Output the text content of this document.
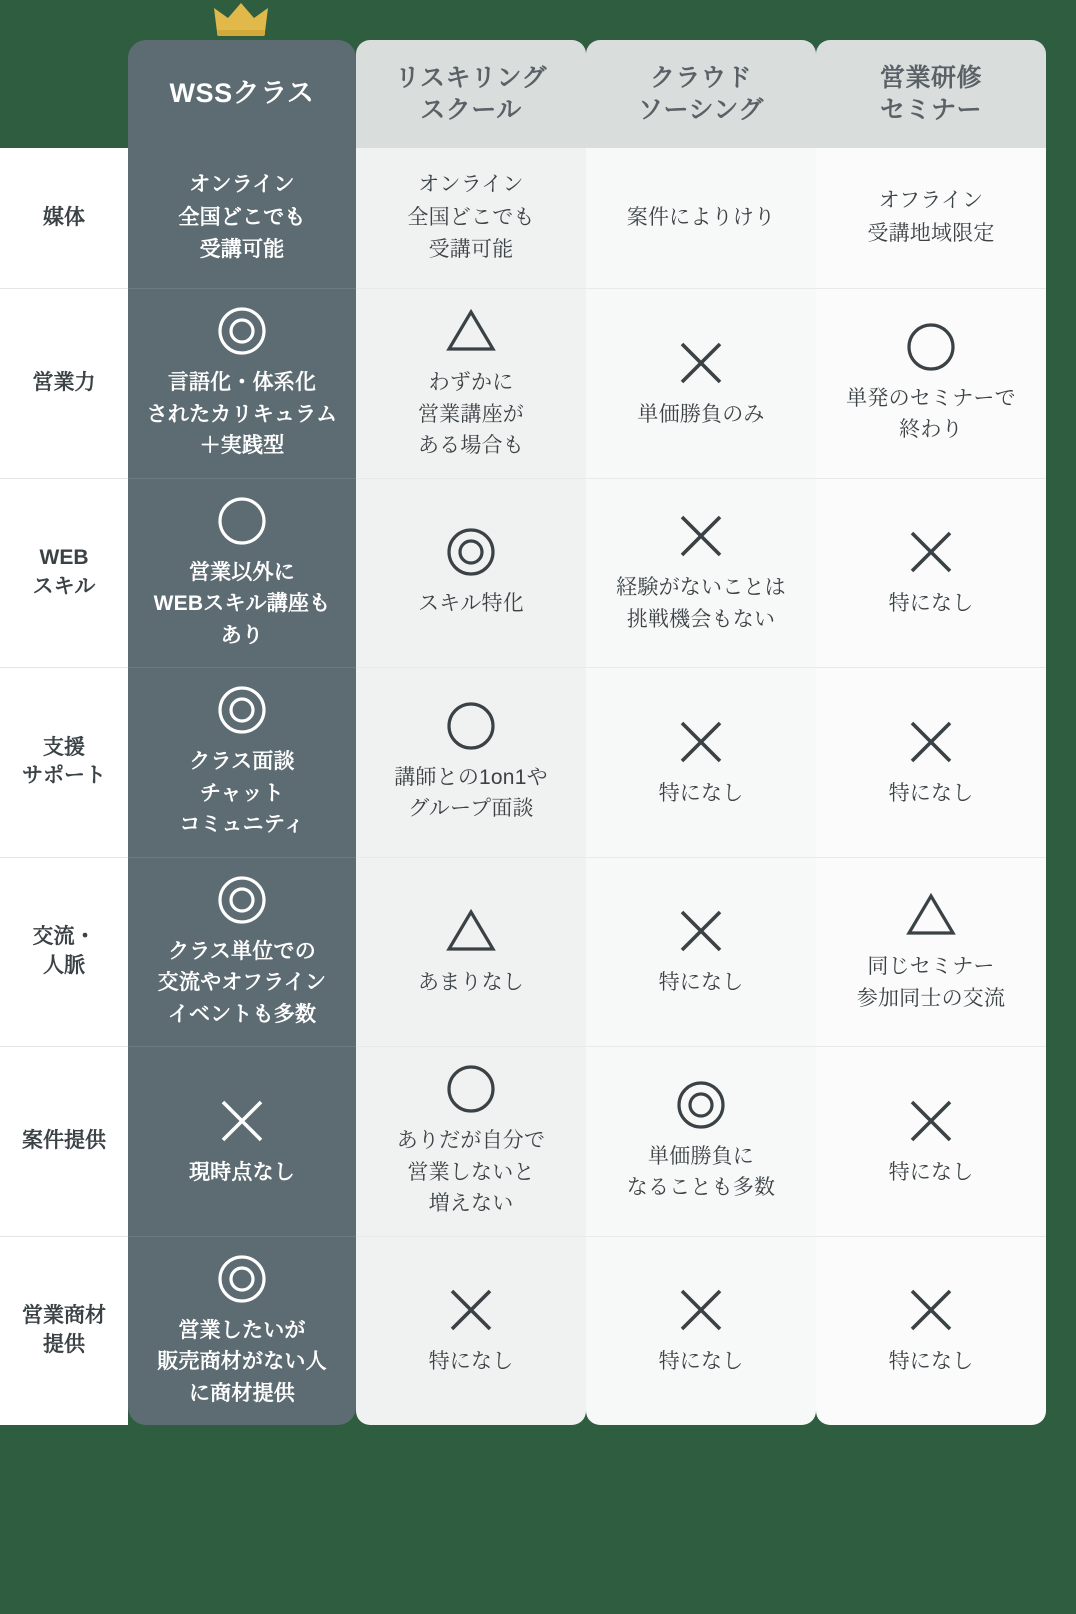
	WSSクラス	リスキリング
スクール	クラウド
ソーシング	営業研修
セミナー
媒体	オンライン
全国どこでも
受講可能	オンライン
全国どこでも
受講可能	案件によりけり	オフライン
受講地域限定

営業力	言語化・体系化
されたカリキュラム
＋実践型	わずかに
営業講座が
ある場合も	単価勝負のみ	単発のセミナーで
終わり

WEB
スキル	営業以外に
WEBスキル講座も
あり	スキル特化	経験がないことは
挑戦機会もない	特になし

支援
サポート	クラス面談
チャット
コミュニティ	講師との1on1や
グループ面談	特になし	特になし

交流・
人脈	クラス単位での
交流やオフライン
イベントも多数	あまりなし	特になし	同じセミナー
参加同士の交流

案件提供	現時点なし	ありだが自分で
営業しないと
増えない	単価勝負に
なることも多数	特になし

営業商材
提供	営業したいが
販売商材がない人
に商材提供	特になし	特になし	特になし
